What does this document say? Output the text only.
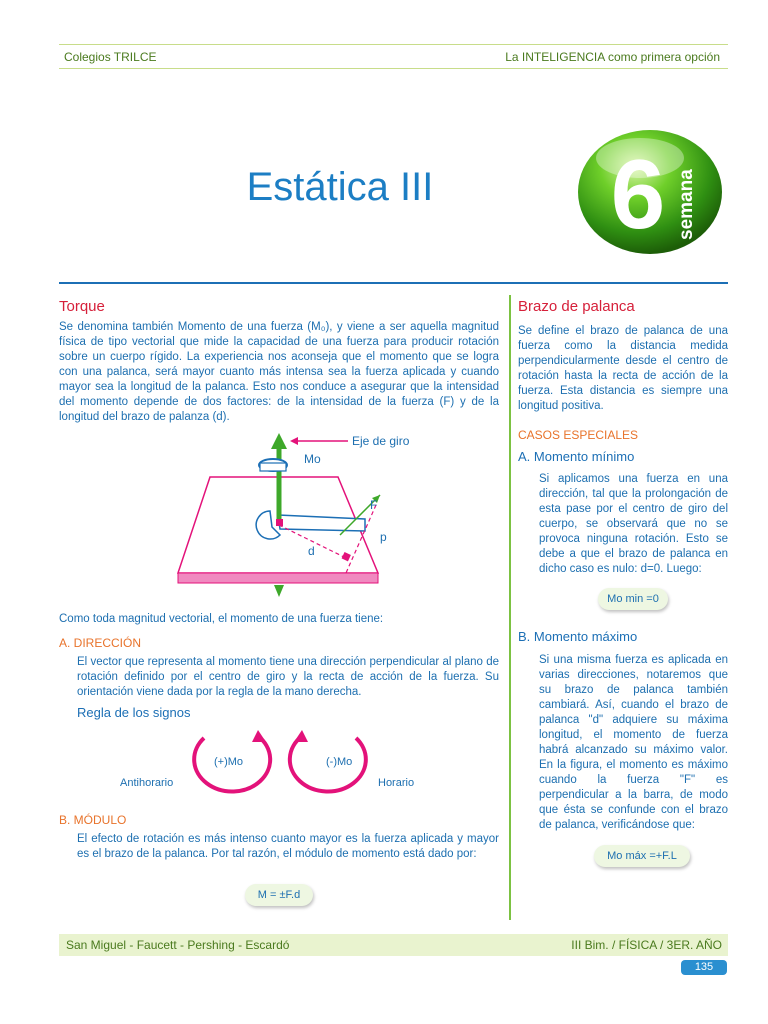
Colegios TRILCE	La INTELIGENCIA como primera opción
Estática III	6 semana
Torque

Se denomina también Momento de una fuerza (M₀), y viene a ser aquella magnitud física de tipo vectorial que mide la capacidad de una fuerza para producir rotación sobre un cuerpo rígido. La experiencia nos aconseja que el momento que se logra con una palanca, será mayor cuanto más intensa sea la fuerza aplicada y cuando mayor sea la longitud de la palanca. Esto nos conduce a asegurar que la intensidad del momento depende de dos factores: de la intensidad de la fuerza (F) y de la longitud del brazo de palanza (d).

Eje de giro
Mo
F
p
d

Como toda magnitud vectorial, el momento de una fuerza tiene:

A. DIRECCIÓN

El vector que representa al momento tiene una dirección perpendicular al plano de rotación definido por el centro de giro y la recta de acción de la fuerza. Su orientación viene dada por la regla de la mano derecha.

Regla de los signos
(+)Mo
Antihorario
(-)Mo
Horario
B. MÓDULO

El efecto de rotación es más intenso cuanto mayor es la fuerza aplicada y mayor es el brazo de la palanca. Por tal razón, el módulo de momento está dado por:

M = ±F.d
Brazo de palanca

Se define el brazo de palanca de una fuerza como la distancia medida perpendicularmente desde el centro de rotación hasta la recta de acción de la fuerza. Esta distancia es siempre una longitud positiva.

CASOS ESPECIALES
A. Momento mínimo

Si aplicamos una fuerza en una dirección, tal que la prolongación de esta pase por el centro de giro del cuerpo, se observará que no se provoca ninguna rotación. Esto se debe a que el brazo de palanca en dicho caso es nulo: d=0. Luego:

Mo min =0
B. Momento máximo

Si una misma fuerza es aplicada en varias direcciones, notaremos que su brazo de palanca también cambiará. Así, cuando el brazo de palanca "d" adquiere su máxima longitud, el momento de fuerza habrá alcanzado su máximo valor. En la figura, el momento es máximo cuando la fuerza "F" es perpendicular a la barra, de modo que ésta se confunde con el brazo de palanca, verificándose que:

Mo máx =+F.L
San Miguel - Faucett - Pershing - Escardó	III Bim. / FÍSICA / 3ER. AÑO
135
